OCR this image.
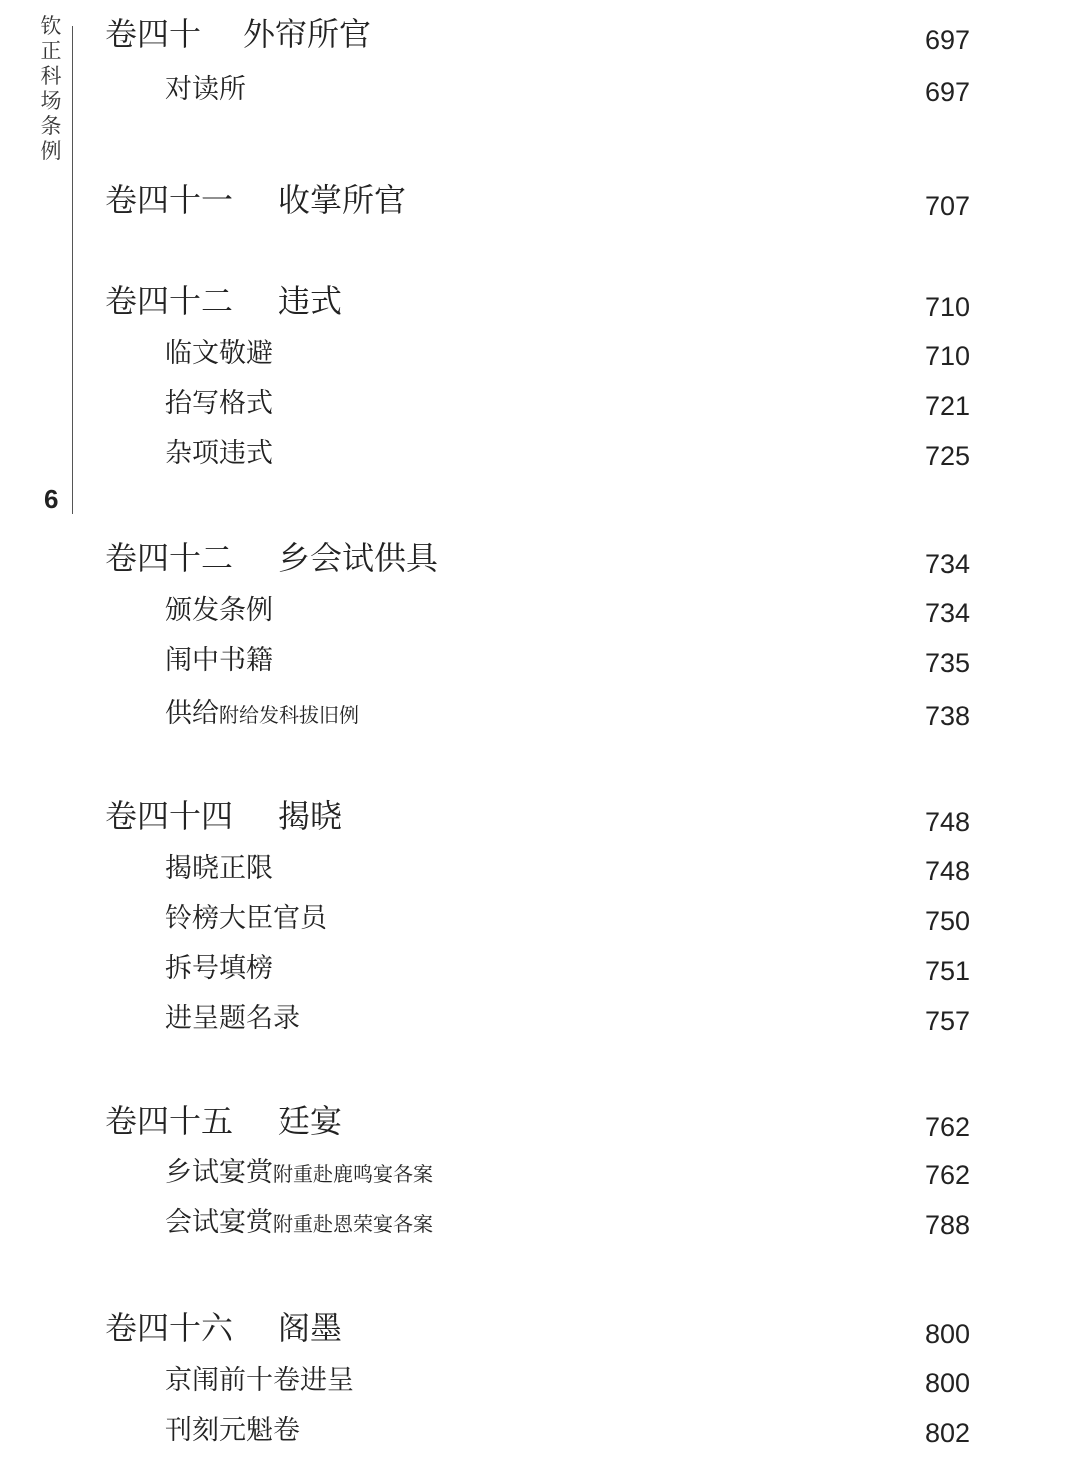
钦
正
科
场
条
例
6
卷四十 外帘所官	697
对读所	697
卷四十一 收掌所官	707
卷四十二 违式	710
临文敬避	710
抬写格式	721
杂项违式	725
卷四十二 乡会试供具	734
颁发条例	734
闱中书籍	735
供给附给发科拔旧例	738
卷四十四 揭晓	748
揭晓正限	748
铃榜大臣官员	750
拆号填榜	751
进呈题名录	757
卷四十五 廷宴	762
乡试宴赏附重赴鹿鸣宴各案	762
会试宴赏附重赴恩荣宴各案	788
卷四十六 阁墨	800
京闱前十卷进呈	800
刊刻元魁卷	802
